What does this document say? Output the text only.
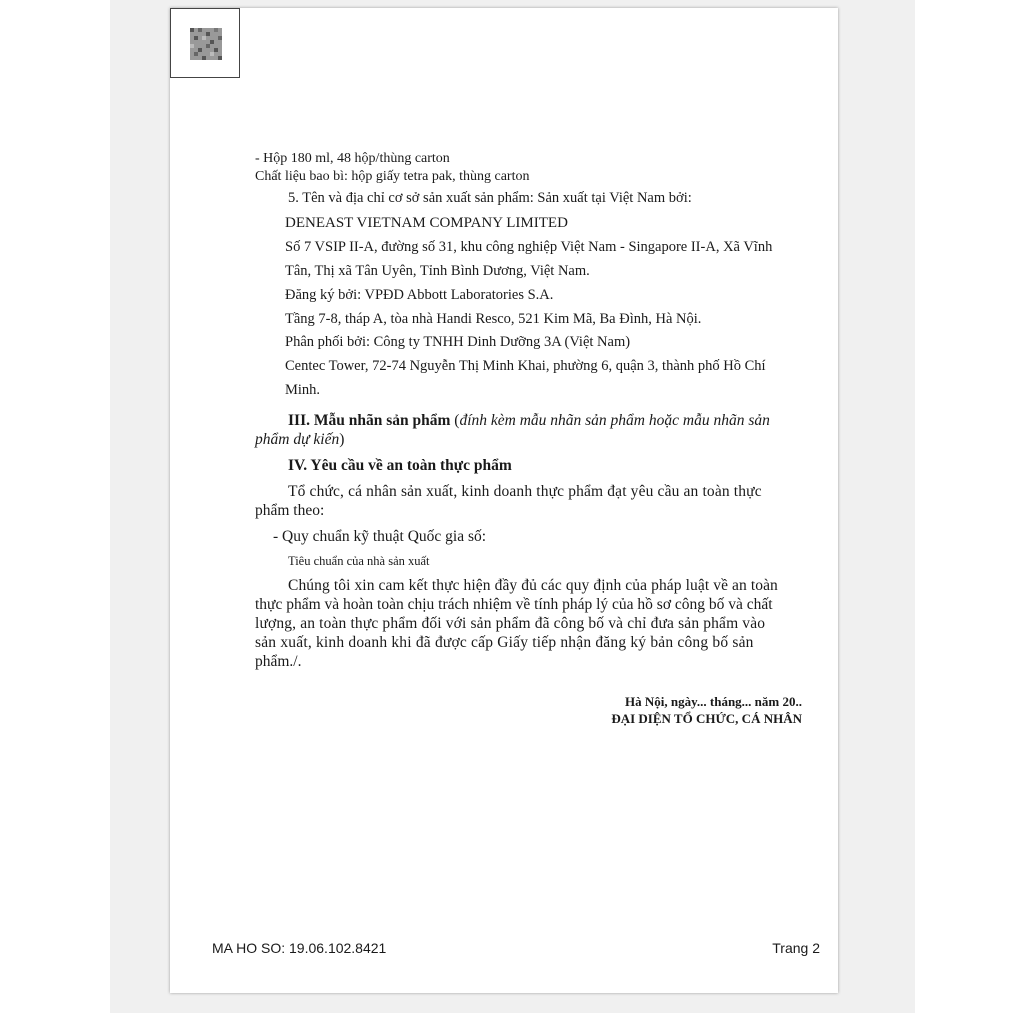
- Hộp 180 ml, 48 hộp/thùng carton
Chất liệu bao bì: hộp giấy tetra pak, thùng carton
5. Tên và địa chỉ cơ sở sản xuất sản phẩm: Sản xuất tại Việt Nam bởi:
DENEAST VIETNAM COMPANY LIMITED
Số 7 VSIP II-A, đường số 31, khu công nghiệp Việt Nam - Singapore II-A, Xã Vĩnh
Tân, Thị xã Tân Uyên, Tỉnh Bình Dương, Việt Nam.
Đăng ký bởi: VPĐD Abbott Laboratories S.A.
Tầng 7-8, tháp A, tòa nhà Handi Resco, 521 Kim Mã, Ba Đình, Hà Nội.
Phân phối bởi: Công ty TNHH Dinh Dưỡng 3A (Việt Nam)
Centec Tower, 72-74 Nguyễn Thị Minh Khai, phường 6, quận 3, thành phố Hồ Chí
Minh.
III. Mẫu nhãn sản phẩm (đính kèm mẫu nhãn sản phẩm hoặc mẫu nhãn sản
phẩm dự kiến)
IV. Yêu cầu về an toàn thực phẩm
Tổ chức, cá nhân sản xuất, kinh doanh thực phẩm đạt yêu cầu an toàn thực
phẩm theo:
- Quy chuẩn kỹ thuật Quốc gia số:
Tiêu chuẩn của nhà sản xuất
Chúng tôi xin cam kết thực hiện đầy đủ các quy định của pháp luật về an toàn
thực phẩm và hoàn toàn chịu trách nhiệm về tính pháp lý của hồ sơ công bố và chất
lượng, an toàn thực phẩm đối với sản phẩm đã công bố và chỉ đưa sản phẩm vào
sản xuất, kinh doanh khi đã được cấp Giấy tiếp nhận đăng ký bản công bố sản
phẩm./.
Hà Nội, ngày... tháng... năm 20..
ĐẠI DIỆN TỔ CHỨC, CÁ NHÂN
MA HO SO: 19.06.102.8421	Trang 2
